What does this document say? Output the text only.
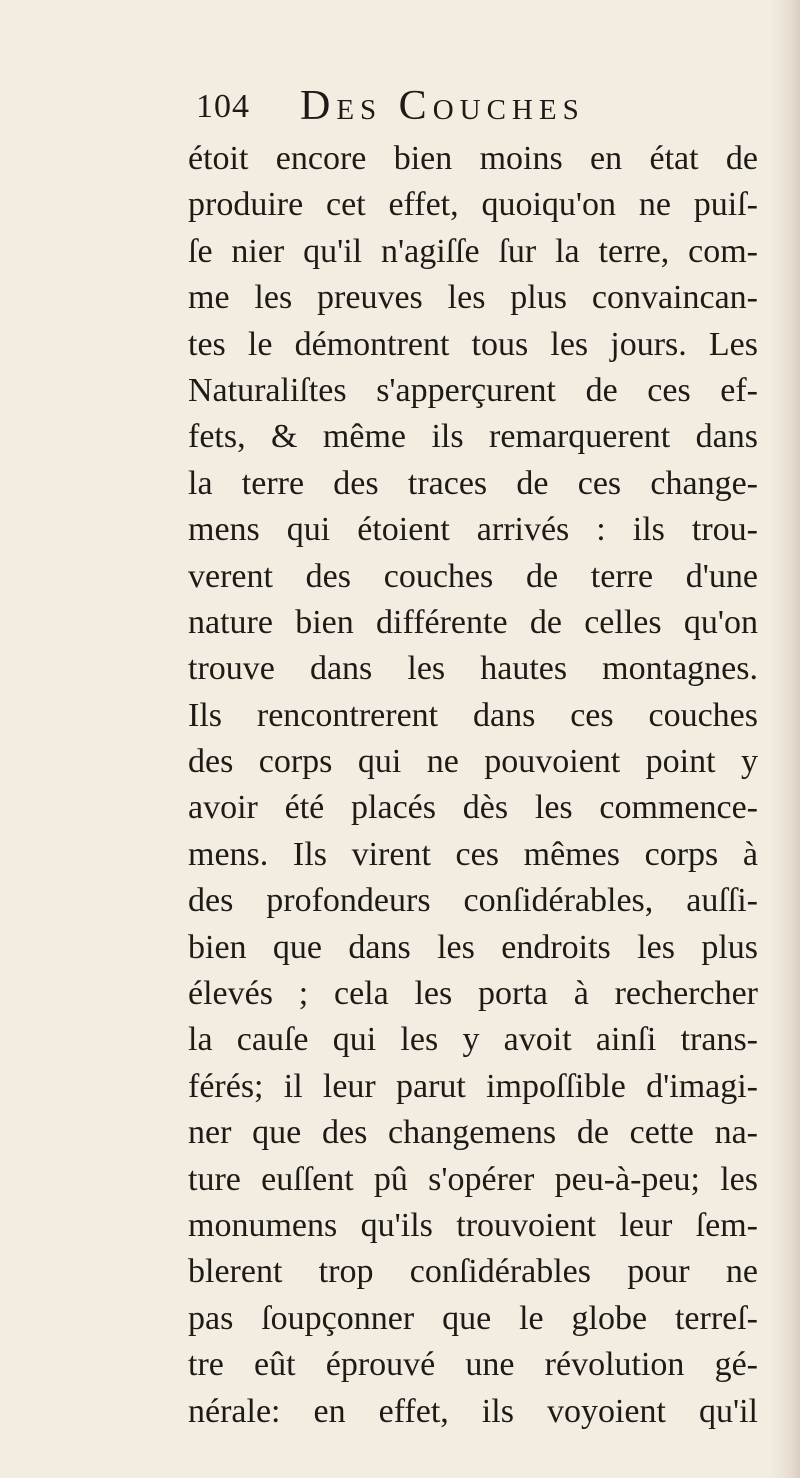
104 Des Couches
étoit encore bien moins en état de
produire cet effet, quoiqu'on ne puiſ-
ſe nier qu'il n'agiſſe ſur la terre, com-
me les preuves les plus convaincan-
tes le démontrent tous les jours. Les
Naturaliſtes s'apperçurent de ces ef-
fets, & même ils remarquerent dans
la terre des traces de ces change-
mens qui étoient arrivés : ils trou-
verent des couches de terre d'une
nature bien différente de celles qu'on
trouve dans les hautes montagnes.
Ils rencontrerent dans ces couches
des corps qui ne pouvoient point y
avoir été placés dès les commence-
mens. Ils virent ces mêmes corps à
des profondeurs conſidérables, auſſi-
bien que dans les endroits les plus
élevés ; cela les porta à rechercher
la cauſe qui les y avoit ainſi trans-
férés; il leur parut impoſſible d'imagi-
ner que des changemens de cette na-
ture euſſent pû s'opérer peu-à-peu; les
monumens qu'ils trouvoient leur ſem-
blerent trop conſidérables pour ne
pas ſoupçonner que le globe terreſ-
tre eût éprouvé une révolution gé-
nérale: en effet, ils voyoient qu'il
